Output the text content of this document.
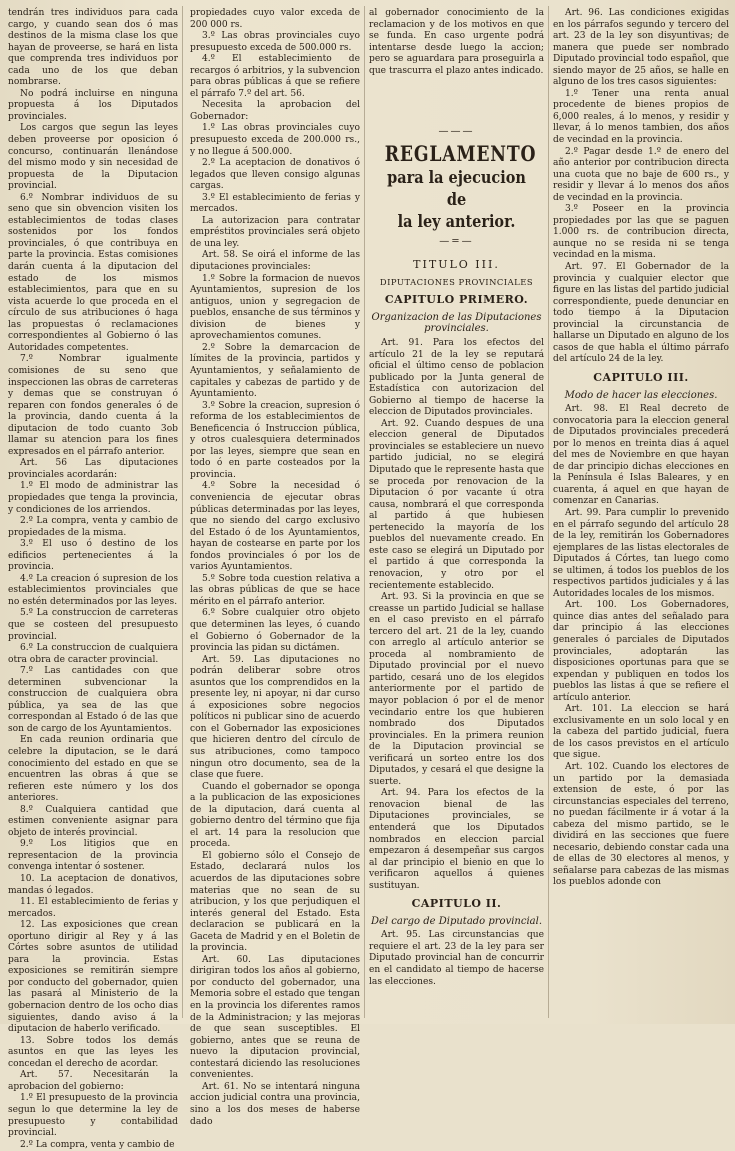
tendrán tres individuos para cada cargo, y cuando sean dos ó mas destinos de la misma clase los que hayan de proveerse, se hará en lista que comprenda tres individuos por cada uno de los que deban nombrarse.

No podrá incluirse en ninguna propuesta á los Diputados provinciales.

Los cargos que segun las leyes deben proveerse por oposicion ó concurso, continuarán llenándose del mismo modo y sin necesidad de propuesta de la Diputacion provincial.

6.º Nombrar individuos de su seno que sin obvencion visiten los establecimientos de todas clases sostenidos por los fondos provinciales, ó que contribuya en parte la provincia. Estas comisiones darán cuenta á la diputacion del estado de los mismos establecimientos, para que en su vista acuerde lo que proceda en el círculo de sus atribuciones ó haga las propuestas ó reclamaciones correspondientes al Gobierno ó las Autoridades competentes.

7.º Nombrar igualmente comisiones de su seno que inspeccionen las obras de carreteras y demas que se construyan ó reparen con fondos generales ó de la provincia, dando cuenta á la diputacion de todo cuanto 3ob llamar su atencion para los fines expresados en el párrafo anterior.

Art. 56 Las diputaciones provinciales acordarán:

1.º El modo de administrar las propiedades que tenga la provincia, y condiciones de los arriendos.

2.º La compra, venta y cambio de propiedades de la misma.

3.º El uso ó destino de los edificios pertenecientes á la provincia.

4.º La creacion ó supresion de los establecimientos provinciales que no estén determinados por las leyes.

5.º La construccion de carreteras que se costeen del presupuesto provincial.

6.º La construccion de cualquiera otra obra de caracter provincial.

7.º Las cantidades con que determinen subvencionar la construccion de cualquiera obra pública, ya sea de las que correspondan al Estado ó de las que son de cargo de los Ayuntamientos.

En cada reunion ordinaria que celebre la diputacion, se le dará conocimiento del estado en que se encuentren las obras á que se refieren este número y los dos anteriores.

8.º Cualquiera cantidad que estimen conveniente asignar para objeto de interés provincial.

9.º Los litigios que en representacion de la provincia convenga intentar ó sostener.

10. La aceptacion de donativos, mandas ó legados.

11. El establecimiento de ferias y mercados.

12. Las exposiciones que crean oportuno dirigir al Rey y á las Córtes sobre asuntos de utilidad para la provincia. Estas exposiciones se remitirán siempre por conducto del gobernador, quien las pasará al Ministerio de la gobernacion dentro de los ocho dias siguientes, dando aviso á la diputacion de haberlo verificado.

13. Sobre todos los demás asuntos en que las leyes les concedan el derecho de acordar.

Art. 57. Necesitarán la aprobacion del gobierno:

1.º El presupuesto de la provincia segun lo que determine la ley de presupuesto y contabilidad provincial.

2.º La compra, venta y cambio de

propiedades cuyo valor exceda de 200 000 rs.

3.º Las obras provinciales cuyo presupuesto exceda de 500.000 rs.

4.º El establecimiento de recargos ó arbitrios, y la subvencion para obras públicas á que se refiere el párrafo 7.º del art. 56.

Necesita la aprobacion del Gobernador:

1.º Las obras provinciales cuyo presupuesto exceda de 200.000 rs., y no llegue á 500.000.

2.º La aceptacion de donativos ó legados que lleven consigo algunas cargas.

3.º El establecimiento de ferias y mercados.

La autorizacion para contratar empréstitos provinciales será objeto de una ley.

Art. 58. Se oirá el informe de las diputaciones provinciales:

1.º Sobre la formacion de nuevos Ayuntamientos, supresion de los antiguos, union y segregacion de pueblos, ensanche de sus términos y division de bienes y aprovechamientos comunes.

2.º Sobre la demarcacion de límites de la provincia, partidos y Ayuntamientos, y señalamiento de capitales y cabezas de partido y de Ayuntamiento.

3.º Sobre la creacion, supresion ó reforma de los establecimientos de Beneficencia ó Instruccion pública, y otros cualesquiera determinados por las leyes, siempre que sean en todo ó en parte costeados por la provincia.

4.º Sobre la necesidad ó conveniencia de ejecutar obras públicas determinadas por las leyes, que no siendo del cargo exclusivo del Estado ó de los Ayuntamientos, hayan de costearse en parte por los fondos provinciales ó por los de varios Ayuntamientos.

5.º Sobre toda cuestion relativa a las obras públicas de que se hace mérito en el párrafo anterior.

6.º Sobre cualquier otro objeto que determinen las leyes, ó cuando el Gobierno ó Gobernador de la provincia las pidan su dictámen.

Art. 59. Las diputaciones no podrán deliberar sobre otros asuntos que los comprendidos en la presente ley, ni apoyar, ni dar curso á exposiciones sobre negocios políticos ni publicar sino de acuerdo con el Gobernador las exposiciones que hicieren dentro del círculo de sus atribuciones, como tampoco ningun otro documento, sea de la clase que fuere.

Cuando el gobernador se oponga a la publicacion de las exposiciones de la diputacion, dará cuenta al gobierno dentro del término que fija el art. 14 para la resolucion que proceda.

El gobierno sólo el Consejo de Estado, declarará nulos los acuerdos de las diputaciones sobre materias que no sean de su atribucion, y los que perjudiquen el interés general del Estado. Esta declaracion se publicará en la Gaceta de Madrid y en el Boletin de la provincia.

Art. 60. Las diputaciones dirigiran todos los años al gobierno, por conducto del gobernador, una Memoria sobre el estado que tengan en la provincia los diferentes ramos de la Administracion; y las mejoras de que sean susceptibles. El gobierno, antes que se reuna de nuevo la diputacion provincial, contestará diciendo las resoluciones convenientes.

Art. 61. No se intentará ninguna accion judicial contra una provincia, sino a los dos meses de haberse dado

al gobernador conocimiento de la reclamacion y de los motivos en que se funda. En caso urgente podrá intentarse desde luego la accion; pero se aguardara para proseguirla a que trascurra el plazo antes indicado.

———
REGLAMENTO
para la ejecucion de
la ley anterior.
—=—
TITULO III.
DIPUTACIONES PROVINCIALES
CAPITULO PRIMERO.
Organizacion de las Diputaciones provinciales.

Art. 91. Para los efectos del artículo 21 de la ley se reputará oficial el último censo de poblacion publicado por la Junta general de Estadística con autorizacion del Gobierno al tiempo de hacerse la eleccion de Diputados provinciales.

Art. 92. Cuando despues de una eleccion general de Diputados provinciales se estableciere un nuevo partido judicial, no se elegirá Diputado que le represente hasta que se proceda por renovacion de la Diputacion ó por vacante ú otra causa, nombrará el que corresponda al partido á que hubiesen pertenecido la mayoría de los pueblos del nuevamente creado. En este caso se elegirá un Diputado por el partido á que corresponda la renovacion, y otro por el recientemente establecido.

Art. 93. Si la provincia en que se creasse un partido Judicial se hallase en el caso previsto en el párrafo tercero del art. 21 de la ley, cuando con arreglo al artículo anterior se proceda al nombramiento de Diputado provincial por el nuevo partido, cesará uno de los elegidos anteriormente por el partido de mayor poblacion ó por el de menor vecindario entre los que hubieren nombrado dos Diputados provinciales. En la primera reunion de la Diputacion provincial se verificará un sorteo entre los dos Diputados, y cesará el que designe la suerte.

Art. 94. Para los efectos de la renovacion bienal de las Diputaciones provinciales, se entenderá que los Diputados nombrados en eleccion parcial empezaron á desempeñar sus cargos al dar principio el bienio en que lo verificaron aquellos á quienes sustituyan.

CAPITULO II.
Del cargo de Diputado provincial.

Art. 95. Las circunstancias que requiere el art. 23 de la ley para ser Diputado provincial han de concurrir en el candidato al tiempo de hacerse las elecciones.

Art. 96. Las condiciones exigidas en los párrafos segundo y tercero del art. 23 de la ley son disyuntivas; de manera que puede ser nombrado Diputado provincial todo español, que siendo mayor de 25 años, se halle en alguno de los tres casos siguientes:

1.º Tener una renta anual procedente de bienes propios de 6,000 reales, á lo menos, y residir y llevar, á lo menos tambien, dos años de vecindad en la provincia.

2.º Pagar desde 1.º de enero del año anterior por contribucion directa una cuota que no baje de 600 rs., y residir y llevar á lo menos dos años de vecindad en la provincia.

3.º Poseer en la provincia propiedades por las que se paguen 1.000 rs. de contribucion directa, aunque no se resida ni se tenga vecindad en la misma.

Art. 97. El Gobernador de la provincia y cualquier elector que figure en las listas del partido judicial correspondiente, puede denunciar en todo tiempo á la Diputacion provincial la circunstancia de hallarse un Diputado en alguno de los casos de que habla el último párrafo del artículo 24 de la ley.

CAPITULO III.
Modo de hacer las elecciones.

Art. 98. El Real decreto de convocatoria para la eleccion general de Diputados provinciales precederá por lo menos en treinta dias á aquel del mes de Noviembre en que hayan de dar principio dichas elecciones en la Península é Islas Baleares, y en cuarenta, á aquel en que hayan de comenzar en Canarias.

Art. 99. Para cumplir lo prevenido en el párrafo segundo del artículo 28 de la ley, remitirán los Gobernadores ejemplares de las listas electorales de Diputados á Córtes, tan luego como se ultimen, á todos los pueblos de los respectivos partidos judiciales y á las Autoridades locales de los mismos.

Art. 100. Los Gobernadores, quince dias antes del señalado para dar principio á las elecciones generales ó parciales de Diputados provinciales, adoptarán las disposiciones oportunas para que se expendan y publiquen en todos los pueblos las listas á que se refiere el artículo anterior.

Art. 101. La eleccion se hará exclusivamente en un solo local y en la cabeza del partido judicial, fuera de los casos previstos en el artículo que sigue.

Art. 102. Cuando los electores de un partido por la demasiada extension de este, ó por las circunstancias especiales del terreno, no puedan fácilmente ir á votar á la cabeza del mismo partido, se le dividirá en las secciones que fuere necesario, debiendo constar cada una de ellas de 30 electores al menos, y señalarse para cabezas de las mismas los pueblos adonde con
